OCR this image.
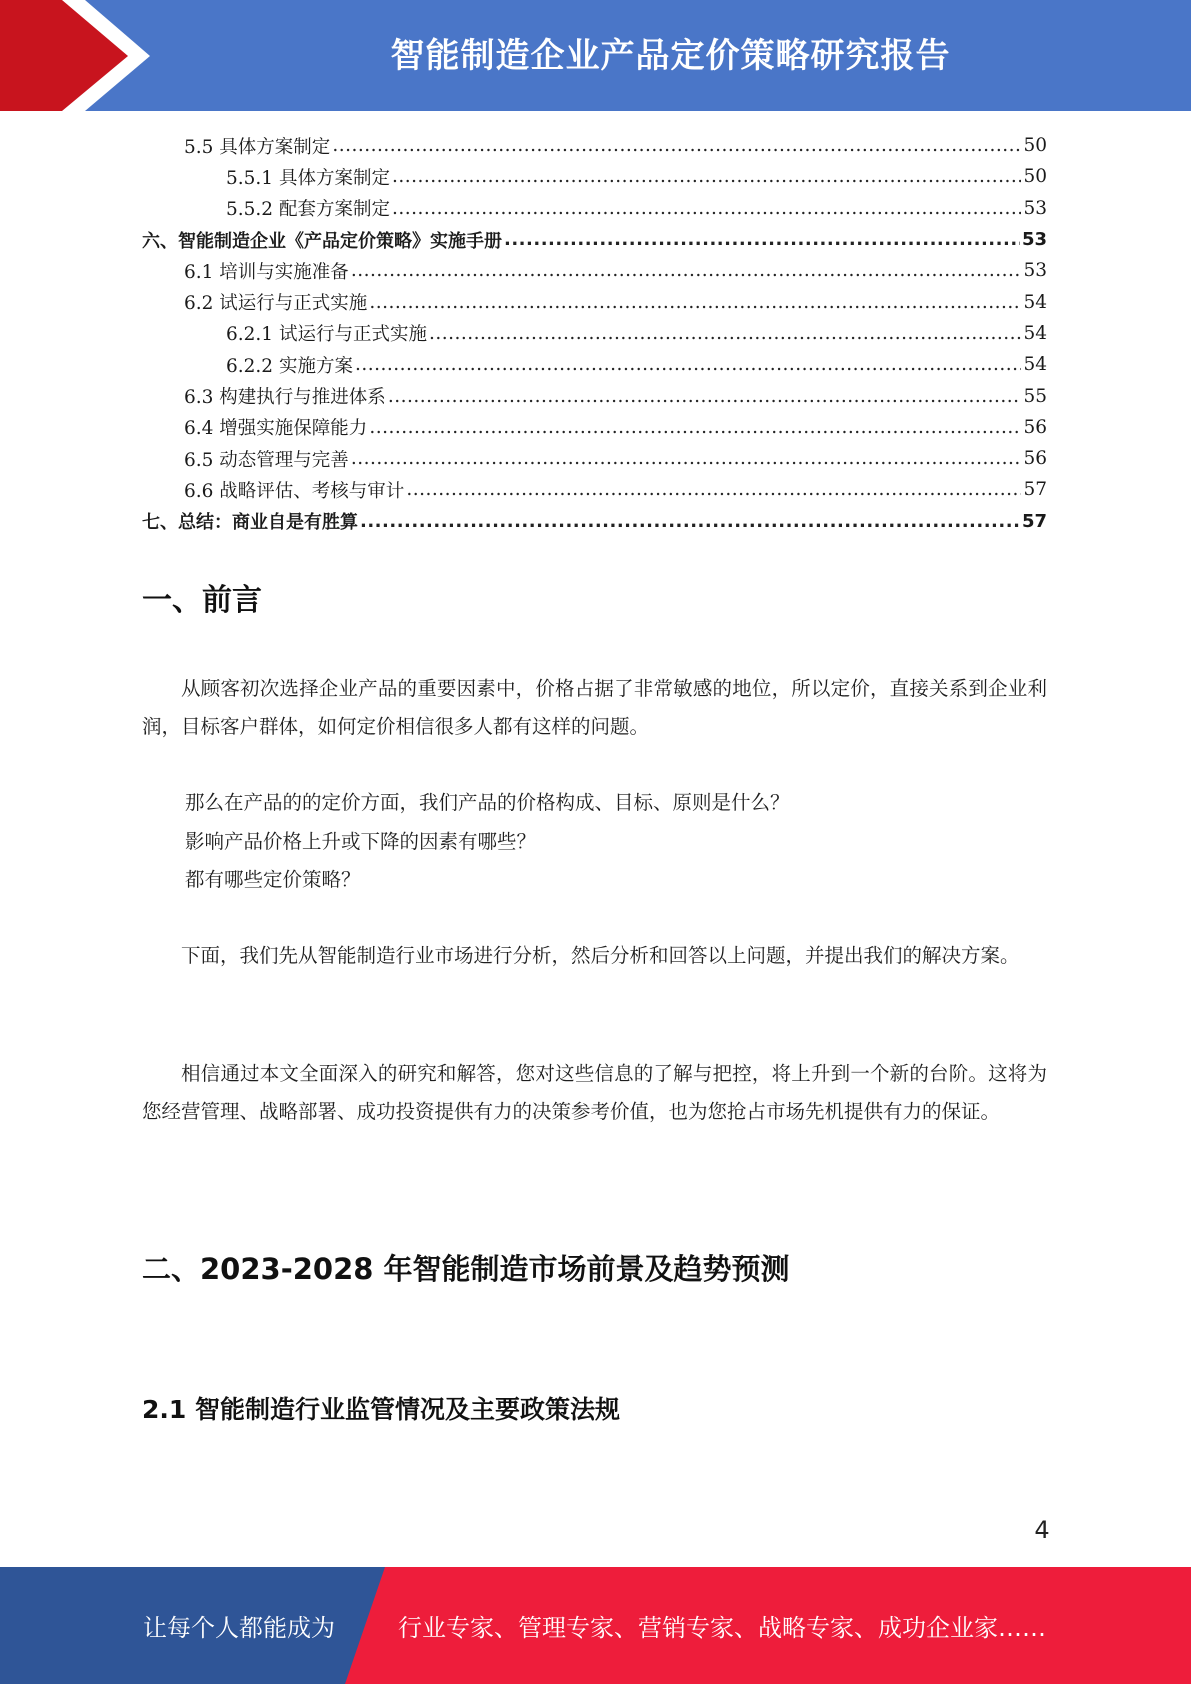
智能制造企业产品定价策略研究报告
5.5 具体方案制定 .....	50
5.5.1 具体方案制定 .....	50
5.5.2 配套方案制定 .....	53
六、智能制造企业《产品定价策略》实施手册 .....	53
6.1 培训与实施准备 .....	53
6.2 试运行与正式实施 .....	54
6.2.1 试运行与正式实施 .....	54
6.2.2 实施方案 .....	54
6.3 构建执行与推进体系 .....	55
6.4 增强实施保障能力 .....	56
6.5 动态管理与完善 .....	56
6.6 战略评估、考核与审计 .....	57
七、总结：商业自是有胜算 .....	57
一、前言
从顾客初次选择企业产品的重要因素中，价格占据了非常敏感的地位，所以定价，直接关系到企业利润，目标客户群体，如何定价相信很多人都有这样的问题。
那么在产品的的定价方面，我们产品的价格构成、目标、原则是什么？
影响产品价格上升或下降的因素有哪些？
都有哪些定价策略？
下面，我们先从智能制造行业市场进行分析，然后分析和回答以上问题，并提出我们的解决方案。
相信通过本文全面深入的研究和解答，您对这些信息的了解与把控，将上升到一个新的台阶。这将为您经营管理、战略部署、成功投资提供有力的决策参考价值，也为您抢占市场先机提供有力的保证。
二、2023-2028 年智能制造市场前景及趋势预测
2.1 智能制造行业监管情况及主要政策法规
4
让每个人都能成为	行业专家、管理专家、营销专家、战略专家、成功企业家……
